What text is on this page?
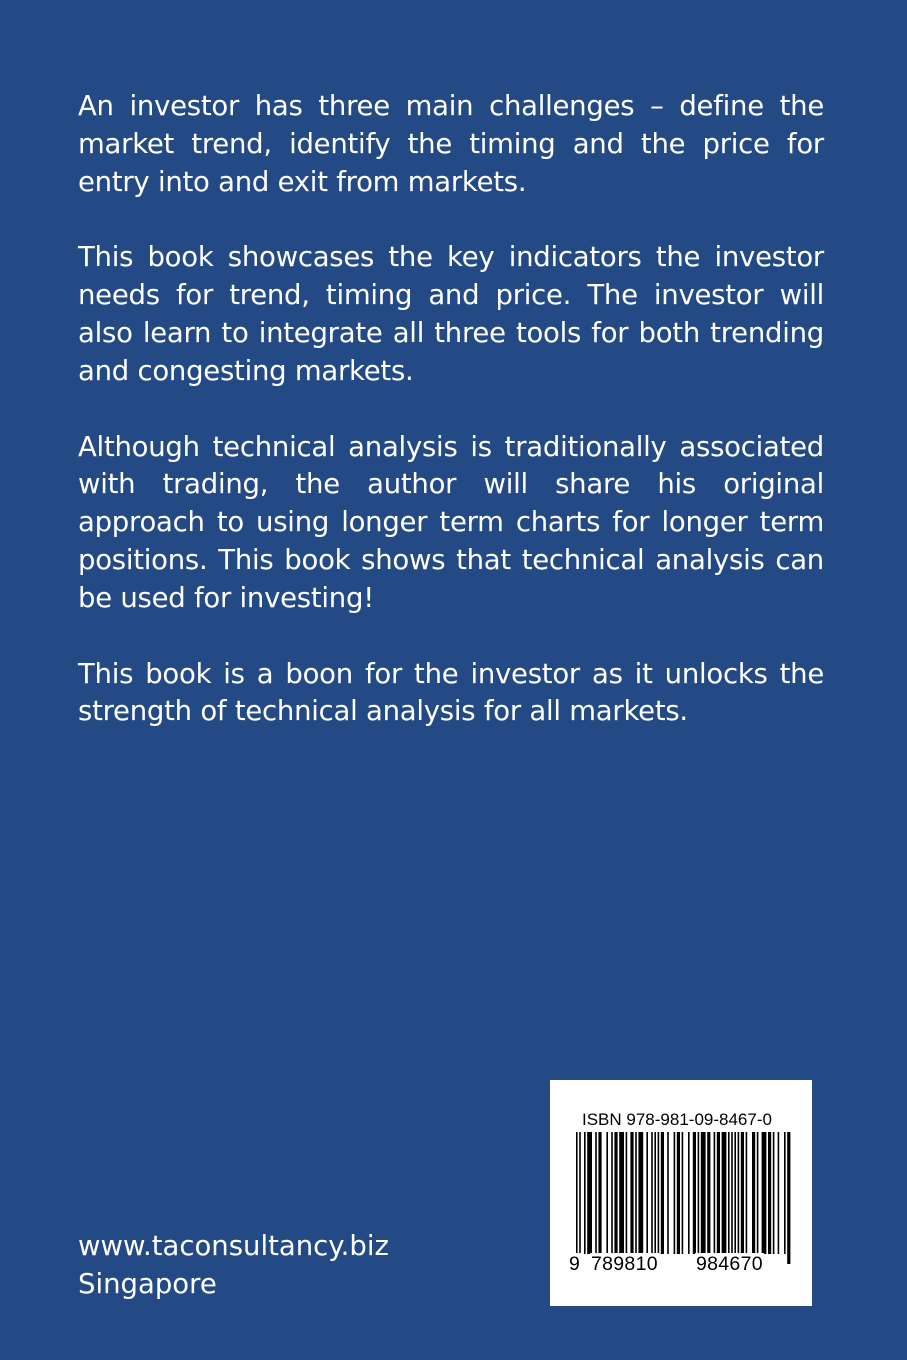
An investor has three main challenges – define the market trend, identify the timing and the price for entry into and exit from markets.

This book showcases the key indicators the investor needs for trend, timing and price. The investor will also learn to integrate all three tools for both trending and congesting markets.

Although technical analysis is traditionally associated with trading, the author will share his original approach to using longer term charts for longer term positions. This book shows that technical analysis can be used for investing!

This book is a boon for the investor as it unlocks the strength of technical analysis for all markets.

www.taconsultancy.biz
Singapore
ISBN 978-981-09-8467-0
9 789810 984670
